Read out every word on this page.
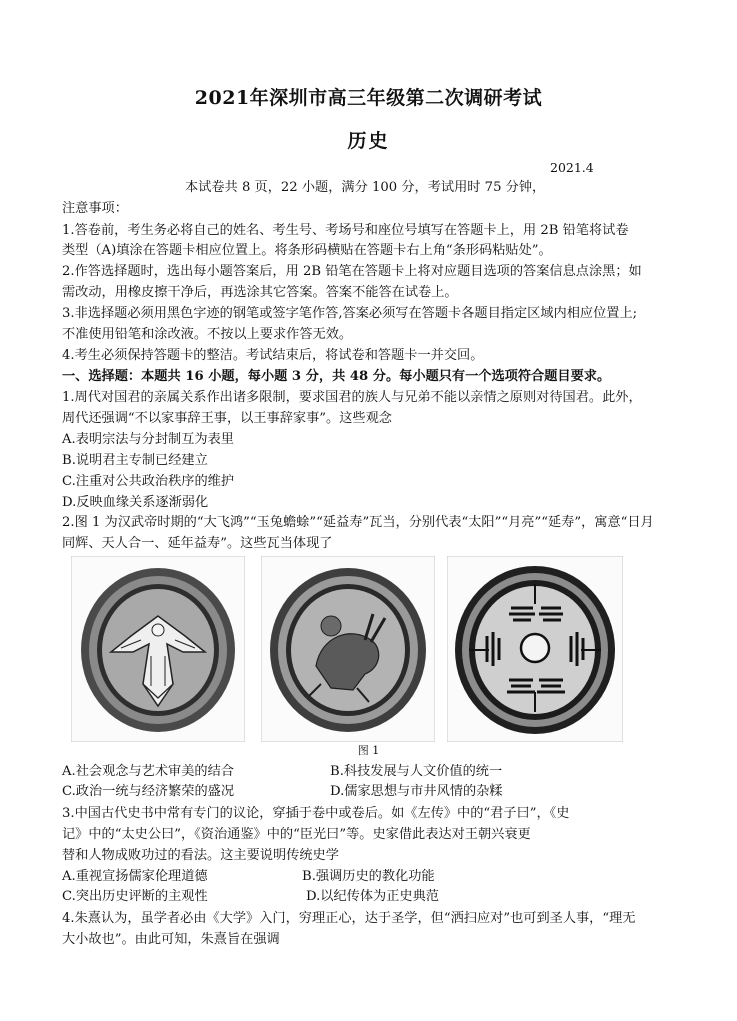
2021年深圳市高三年级第二次调研考试
历史
2021.4
本试卷共 8 页，22 小题，满分 100 分，考试用时 75 分钟，
注意事项：
1.答卷前，考生务必将自己的姓名、考生号、考场号和座位号填写在答题卡上，用 2B 铅笔将试卷
类型（A)填涂在答题卡相应位置上。将条形码横贴在答题卡右上角“条形码粘贴处”。
2.作答选择题时，选出每小题答案后，用 2B 铅笔在答题卡上将对应题目选项的答案信息点涂黑；如
需改动，用橡皮擦干净后，再选涂其它答案。答案不能答在试卷上。
3.非选择题必须用黑色字迹的钢笔或签字笔作答,答案必须写在答题卡各题目指定区域内相应位置上;
不准使用铅笔和涂改液。不按以上要求作答无效。
4.考生必须保持答题卡的整洁。考试结束后，将试卷和答题卡一并交回。
一、选择题：本题共 16 小题，每小题 3 分，共 48 分。每小题只有一个选项符合题目要求。
1.周代对国君的亲属关系作出诸多限制，要求国君的族人与兄弟不能以亲情之原则对待国君。此外，
周代还强调“不以家事辞王事，以王事辞家事”。这些观念
A.表明宗法与分封制互为表里
B.说明君主专制已经建立
C.注重对公共政治秩序的维护
D.反映血缘关系逐渐弱化
2.图 1 为汉武帝时期的“大飞鸿”“玉兔蟾蜍”“延益寿”瓦当，分别代表“太阳”“月亮”“延寿”，寓意“日月
同辉、天人合一、延年益寿”。这些瓦当体现了
图 1
A.社会观念与艺术审美的结合	B.科技发展与人文价值的统一
C.政治一统与经济繁荣的盛况	D.儒家思想与市井风情的杂糅
3.中国古代史书中常有专门的议论，穿插于卷中或卷后。如《左传》中的“君子曰”，《史
记》中的“太史公曰”，《资治通鉴》中的“臣光曰”等。史家借此表达对王朝兴衰更
替和人物成败功过的看法。这主要说明传统史学
A.重视宣扬儒家伦理道德	B.强调历史的教化功能
C.突出历史评断的主观性	D.以纪传体为正史典范
4.朱熹认为，虽学者必由《大学》入门，穷理正心，达于圣学，但“洒扫应对”也可到圣人事，“理无
大小故也”。由此可知，朱熹旨在强调
